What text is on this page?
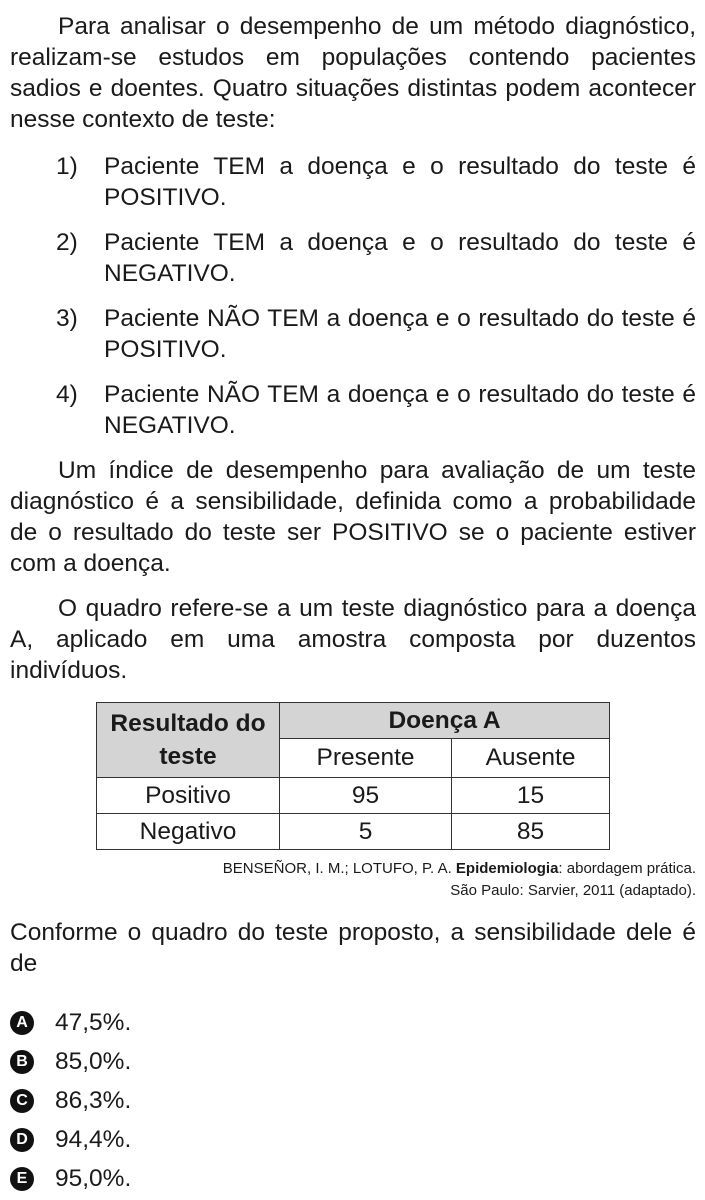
Para analisar o desempenho de um método diagnóstico, realizam-se estudos em populações contendo pacientes sadios e doentes. Quatro situações distintas podem acontecer nesse contexto de teste:

1)	Paciente TEM a doença e o resultado do teste é POSITIVO.
2)	Paciente TEM a doença e o resultado do teste é NEGATIVO.
3)	Paciente NÃO TEM a doença e o resultado do teste é POSITIVO.
4)	Paciente NÃO TEM a doença e o resultado do teste é NEGATIVO.

Um índice de desempenho para avaliação de um teste diagnóstico é a sensibilidade, definida como a probabilidade de o resultado do teste ser POSITIVO se o paciente estiver com a doença.

O quadro refere-se a um teste diagnóstico para a doença A, aplicado em uma amostra composta por duzentos indivíduos.

Resultado do teste	Doença A	
	Presente	Ausente
Positivo	95	15
Negativo	5	85
BENSEÑOR, I. M.; LOTUFO, P. A. Epidemiologia: abordagem prática.
São Paulo: Sarvier, 2011 (adaptado).

Conforme o quadro do teste proposto, a sensibilidade dele é de

A 47,5%.
B 85,0%.
C 86,3%.
D 94,4%.
E 95,0%.
